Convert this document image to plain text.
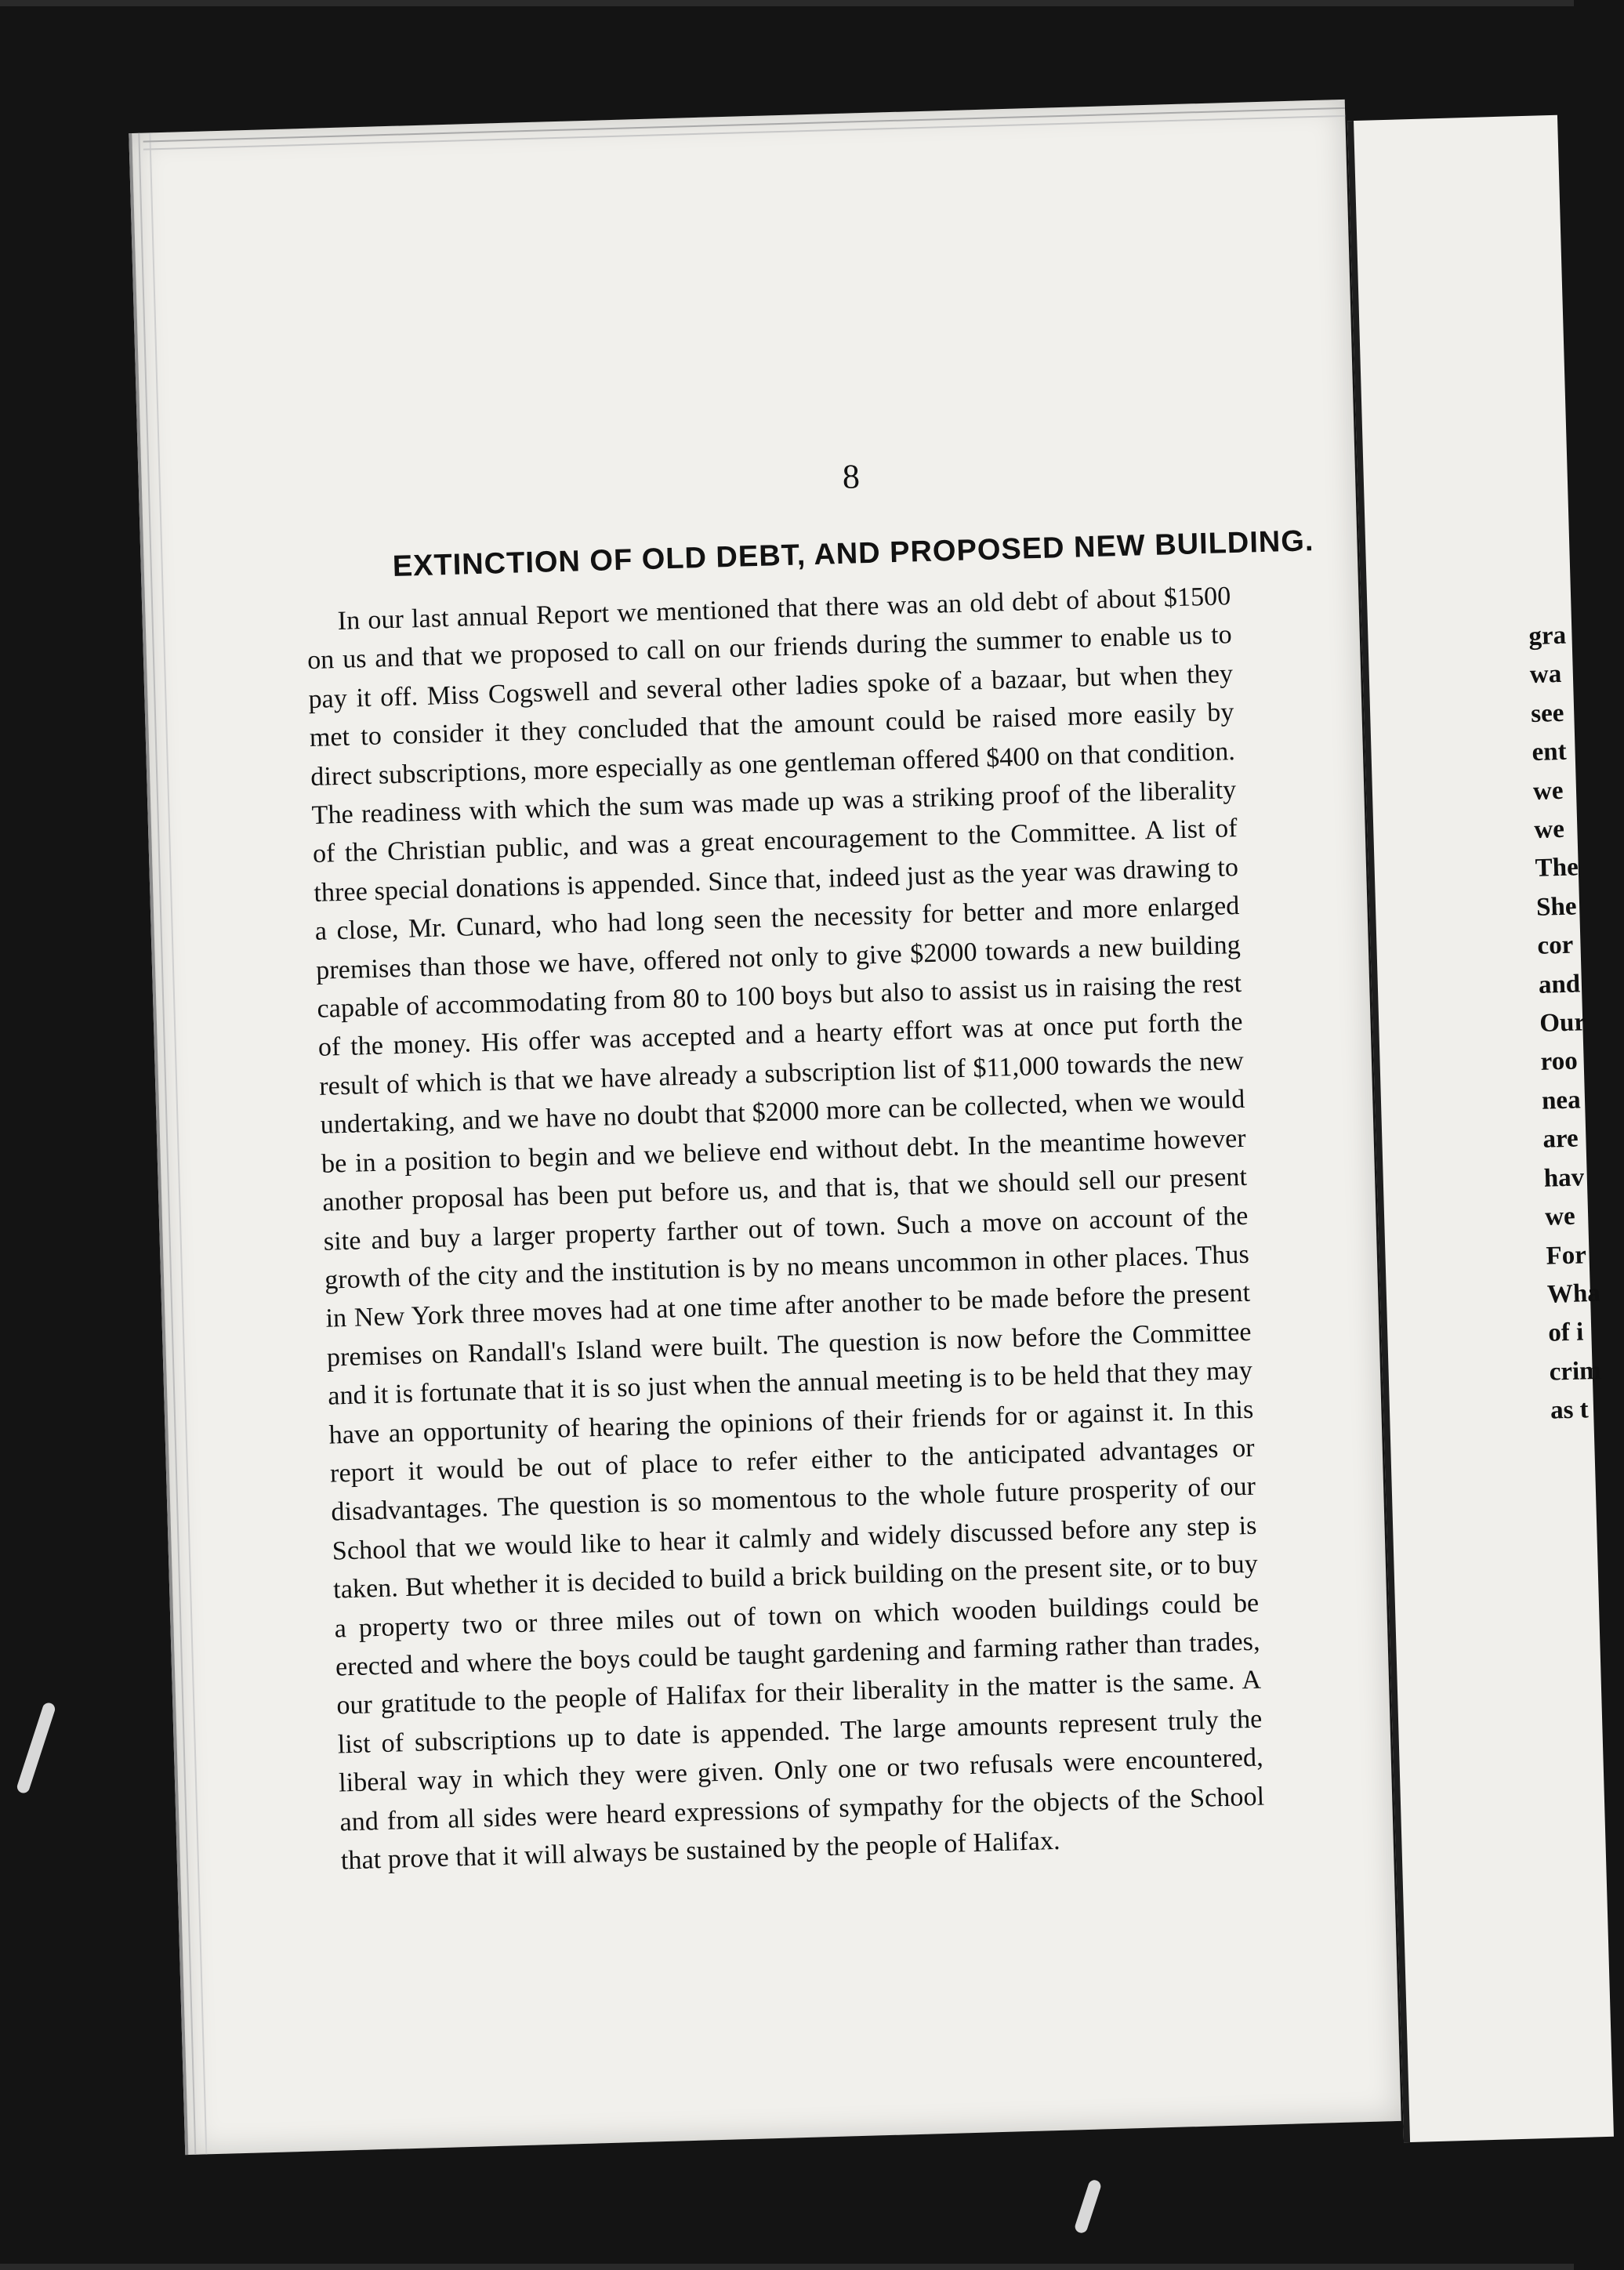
8
EXTINCTION OF OLD DEBT, AND PROPOSED NEW BUILDING.

In our last annual Report we mentioned that there was an old debt of about $1500 on us and that we proposed to call on our friends during the summer to enable us to pay it off. Miss Cogswell and several other ladies spoke of a bazaar, but when they met to consider it they concluded that the amount could be raised more easily by direct subscriptions, more especially as one gentleman offered $400 on that condition. The readiness with which the sum was made up was a striking proof of the liberality of the Christian public, and was a great encouragement to the Committee. A list of three special donations is appended. Since that, indeed just as the year was drawing to a close, Mr. Cunard, who had long seen the necessity for better and more enlarged premises than those we have, offered not only to give $2000 towards a new building capable of accommodating from 80 to 100 boys but also to assist us in raising the rest of the money. His offer was accepted and a hearty effort was at once put forth the result of which is that we have already a subscription list of $11,000 towards the new undertaking, and we have no doubt that $2000 more can be collected, when we would be in a position to begin and we believe end without debt. In the meantime however another proposal has been put before us, and that is, that we should sell our present site and buy a larger property farther out of town. Such a move on account of the growth of the city and the institution is by no means uncommon in other places. Thus in New York three moves had at one time after another to be made before the present premises on Randall's Island were built. The question is now before the Committee and it is fortunate that it is so just when the annual meeting is to be held that they may have an opportunity of hearing the opinions of their friends for or against it. In this report it would be out of place to refer either to the anticipated advantages or disadvantages. The question is so momentous to the whole future prosperity of our School that we would like to hear it calmly and widely discussed before any step is taken. But whether it is decided to build a brick building on the present site, or to buy a property two or three miles out of town on which wooden buildings could be erected and where the boys could be taught gardening and farming rather than trades, our gratitude to the people of Halifax for their liberality in the matter is the same. A list of subscriptions up to date is appended. The large amounts represent truly the liberal way in which they were given. Only one or two refusals were encountered, and from all sides were heard expressions of sympathy for the objects of the School that prove that it will always be sustained by the people of Halifax.

gra
wa
see
ent
we
we
The
She
cor
and
Our
roo
nea
are
hav
we
For
Wha
of i
crim
as t
